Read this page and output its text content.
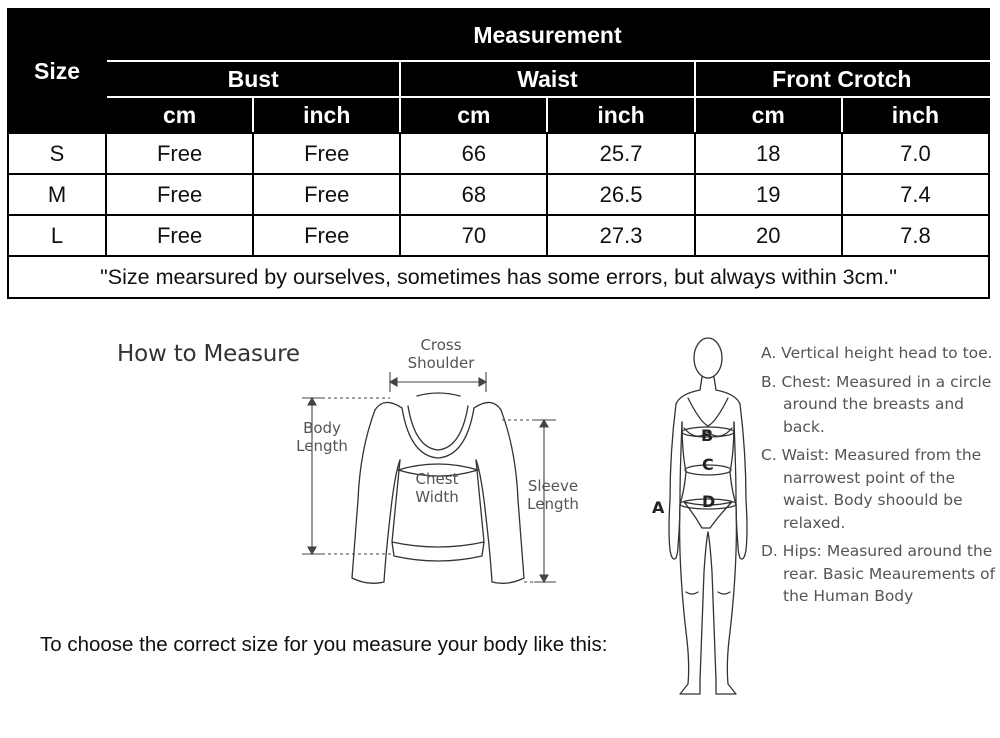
Size	Measurement					
	Bust		Waist		Front Crotch	
	cm	inch	cm	inch	cm	inch
S	Free	Free	66	25.7	18	7.0
M	Free	Free	68	26.5	19	7.4
L	Free	Free	70	27.3	20	7.8
"Size mearsured by ourselves, sometimes has some errors, but always within 3cm."						
How to Measure	Cross
Shoulder
Body
Length
Chest
Width
Sleeve
Length
B
C
D
A
A. Vertical height head to toe.
B. Chest: Measured in a circle around the breasts and back.
C. Waist: Measured from the narrowest point of the waist. Body shoould be relaxed.
D. Hips: Measured around the rear. Basic Meaurements of the Human Body
To choose the correct size for you measure your body like this:
